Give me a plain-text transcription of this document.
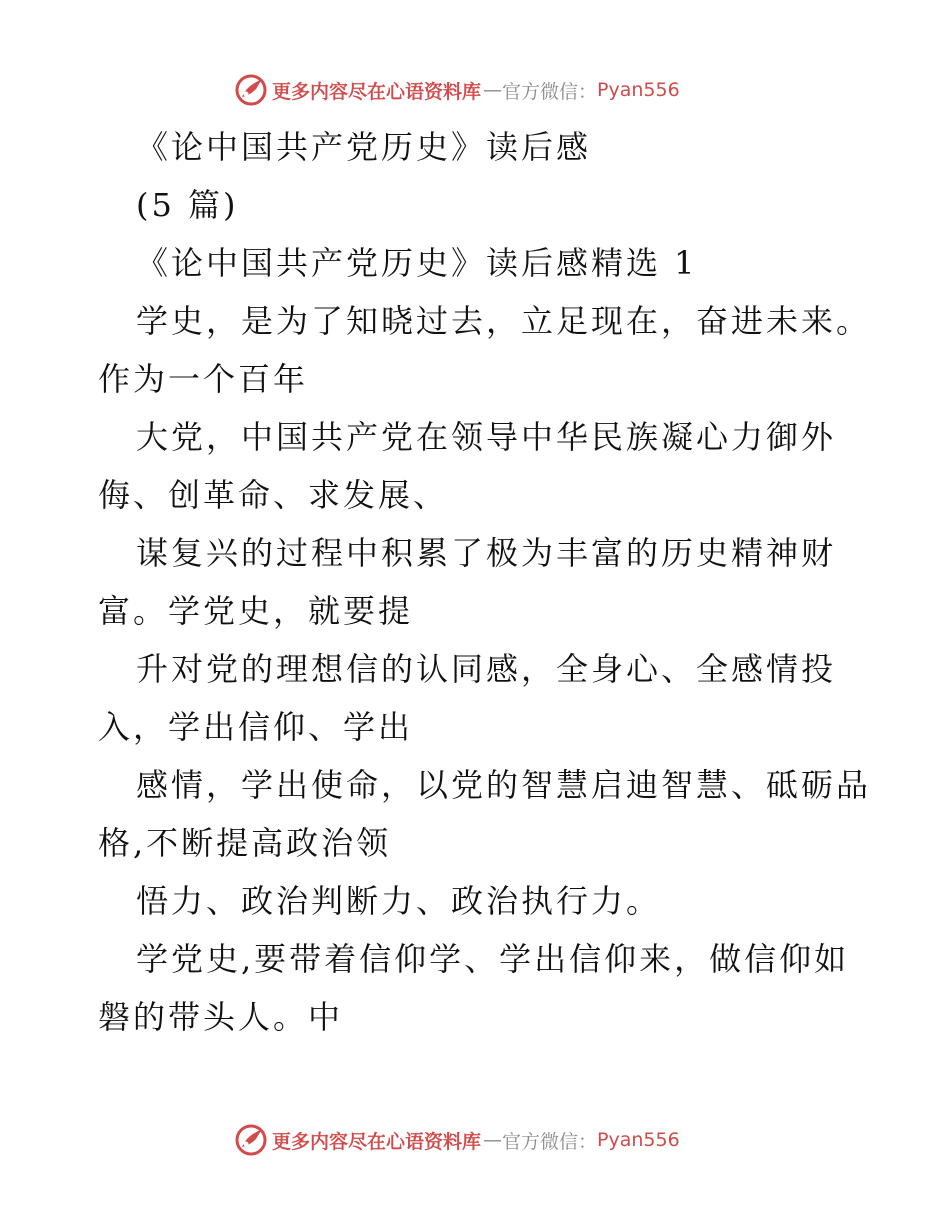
更多内容尽在心语资料库 — 官方微信： Pyan556
《论中国共产党历史》读后感
(5 篇)
《论中国共产党历史》读后感精选 1
学史，是为了知晓过去，立足现在，奋进未来。
作为一个百年
大党，中国共产党在领导中华民族凝心力御外
侮、创革命、求发展、
谋复兴的过程中积累了极为丰富的历史精神财
富。学党史，就要提
升对党的理想信的认同感，全身心、全感情投
入，学出信仰、学出
感情，学出使命，以党的智慧启迪智慧、砥砺品
格,不断提高政治领
悟力、政治判断力、政治执行力。
学党史,要带着信仰学、学出信仰来，做信仰如
磐的带头人。中
更多内容尽在心语资料库 — 官方微信： Pyan556
